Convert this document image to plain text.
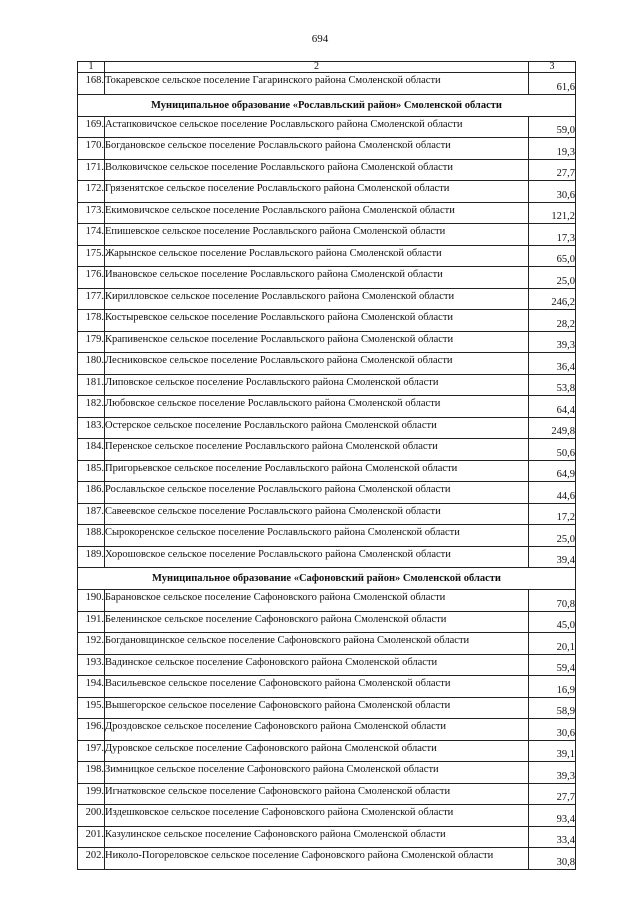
694
1	2	3
168.	Токаревское сельское поселение Гагаринского района Смоленской области	61,6
Муниципальное образование «Рославльский район» Смоленской области		
169.	Астапковичское сельское поселение Рославльского района Смоленской области	59,0
170.	Богдановское сельское поселение Рославльского района Смоленской области	19,3
171.	Волковичское сельское поселение Рославльского района Смоленской области	27,7
172.	Грязенятское сельское поселение Рославльского района Смоленской области	30,6
173.	Екимовичское сельское поселение Рославльского района Смоленской области	121,2
174.	Епишевское сельское поселение Рославльского района Смоленской области	17,3
175.	Жарынское сельское поселение Рославльского района Смоленской области	65,0
176.	Ивановское сельское поселение Рославльского района Смоленской области	25,0
177.	Кирилловское сельское поселение Рославльского района Смоленской области	246,2
178.	Костыревское сельское поселение Рославльского района Смоленской области	28,2
179.	Крапивенское сельское поселение Рославльского района Смоленской области	39,3
180.	Лесниковское сельское поселение Рославльского района Смоленской области	36,4
181.	Липовское сельское поселение Рославльского района Смоленской области	53,8
182.	Любовское сельское поселение Рославльского района Смоленской области	64,4
183.	Остерское сельское поселение Рославльского района Смоленской области	249,8
184.	Перенское сельское поселение Рославльского района Смоленской области	50,6
185.	Пригорьевское сельское поселение Рославльского района Смоленской области	64,9
186.	Рославльское сельское поселение Рославльского района Смоленской области	44,6
187.	Савеевское сельское поселение Рославльского района Смоленской области	17,2
188.	Сырокоренское сельское поселение Рославльского района Смоленской области	25,0
189.	Хорошовское сельское поселение Рославльского района Смоленской области	39,4
Муниципальное образование «Сафоновский район» Смоленской области		
190.	Барановское сельское поселение Сафоновского района Смоленской области	70,8
191.	Беленинское сельское поселение Сафоновского района Смоленской области	45,0
192.	Богдановщинское сельское поселение Сафоновского района Смоленской области	20,1
193.	Вадинское сельское поселение Сафоновского района Смоленской области	59,4
194.	Васильевское сельское поселение Сафоновского района Смоленской области	16,9
195.	Вышегорское сельское поселение Сафоновского района Смоленской области	58,9
196.	Дроздовское сельское поселение Сафоновского района Смоленской области	30,6
197.	Дуровское сельское поселение Сафоновского района Смоленской области	39,1
198.	Зимницкое сельское поселение Сафоновского района Смоленской области	39,3
199.	Игнатковское сельское поселение Сафоновского района Смоленской области	27,7
200.	Издешковское сельское поселение Сафоновского района Смоленской области	93,4
201.	Казулинское сельское поселение Сафоновского района Смоленской области	33,4
202.	Николо-Погореловское сельское поселение Сафоновского района Смоленской области	30,8
